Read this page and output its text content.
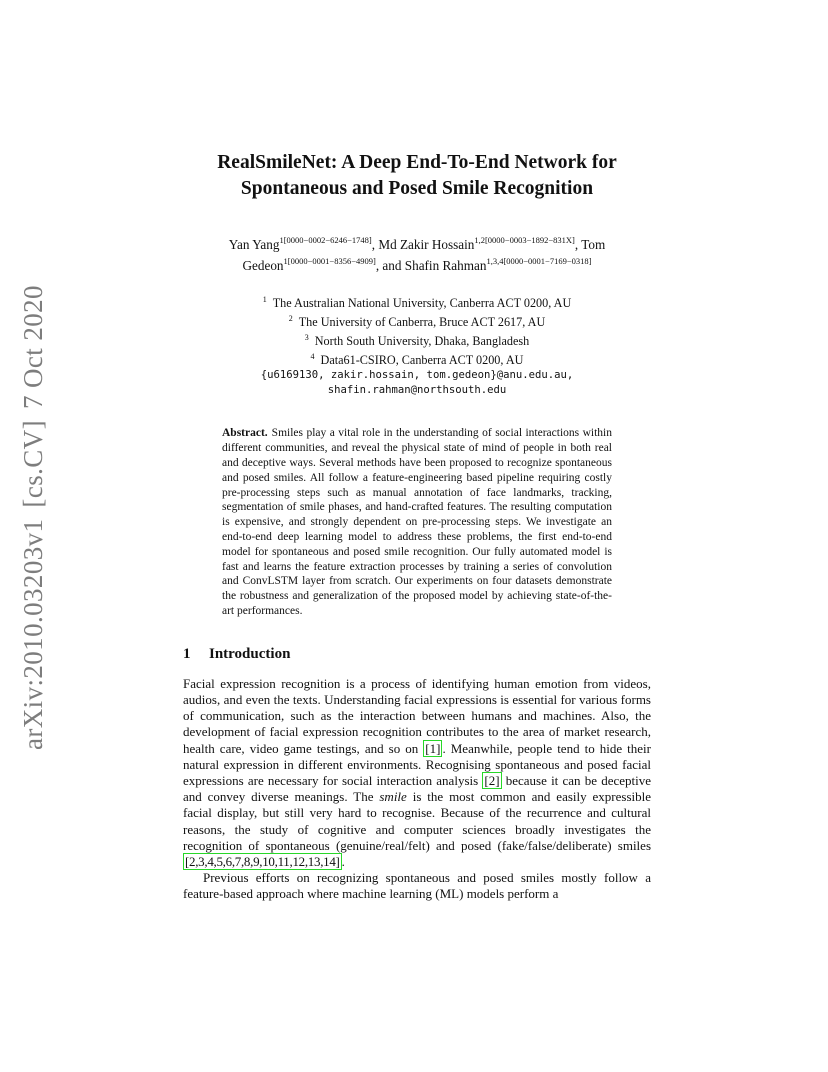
arXiv:2010.03203v1[cs.CV]7 Oct 2020
RealSmileNet: A Deep End-To-End Network for
Spontaneous and Posed Smile Recognition
Yan Yang$^{1[0000-0002-6246-1748]}$, Md Zakir Hossain$^{1,2[0000-0003-1892-831X]}$, Tom Gedeon$^{1[0000-0001-8356-4909]}$, and Shafin Rahman$^{1,3,4[0000-0001-7169-0318]}$
$^1$ The Australian National University, Canberra ACT 0200, AU
$^2$ The University of Canberra, Bruce ACT 2617, AU
$^3$ North South University, Dhaka, Bangladesh
$^4$ Data61-CSIRO, Canberra ACT 0200, AU
{u6169130, zakir.hossain, tom.gedeon}@anu.edu.au,
shafin.rahman@northsouth.edu
Abstract. Smiles play a vital role in the understanding of social interactions within different communities, and reveal the physical state of mind of people in both real and deceptive ways. Several methods have been proposed to recognize spontaneous and posed smiles. All follow a feature-engineering based pipeline requiring costly pre-processing steps such as manual annotation of face landmarks, tracking, segmentation of smile phases, and hand-crafted features. The resulting computation is expensive, and strongly dependent on pre-processing steps. We investigate an end-to-end deep learning model to address these problems, the first end-to-end model for spontaneous and posed smile recognition. Our fully automated model is fast and learns the feature extraction processes by training a series of convolution and ConvLSTM layer from scratch. Our experiments on four datasets demonstrate the robustness and generalization of the proposed model by achieving state-of-the-art performances.
1 Introduction

Facial expression recognition is a process of identifying human emotion from videos, audios, and even the texts. Understanding facial expressions is essential for various forms of communication, such as the interaction between humans and machines. Also, the development of facial expression recognition contributes to the area of market research, health care, video game testings, and so on [1] . Meanwhile, people tend to hide their natural expression in different environments. Recognising spontaneous and posed facial expressions are necessary for social interaction analysis [2] because it can be deceptive and convey diverse meanings. The smile is the most common and easily expressible facial display, but still very hard to recognise. Because of the recurrence and cultural reasons, the study of cognitive and computer sciences broadly investigates the recognition of spontaneous (genuine/real/felt) and posed (fake/false/deliberate) smiles [2,3,4,5,6,7,8,9,10,11,12,13,14] .

Previous efforts on recognizing spontaneous and posed smiles mostly follow a feature-based approach where machine learning (ML) models perform a
